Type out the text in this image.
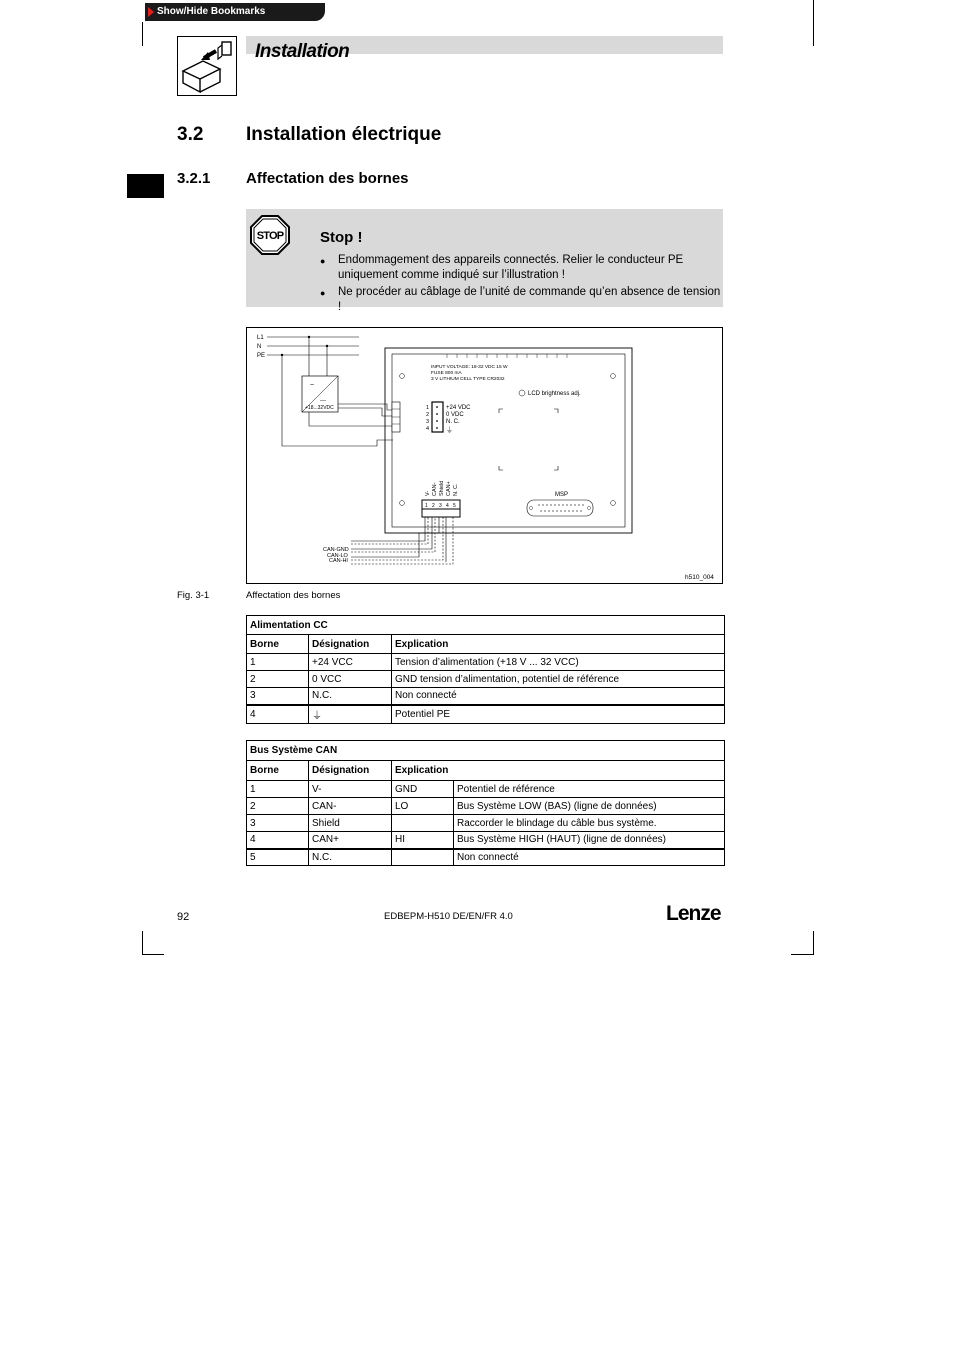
Show/Hide Bookmarks
Installation
3.2 Installation électrique
3.2.1 Affectation des bornes
STOP Stop !
● Endommagement des appareils connectés. Relier le conducteur PE uniquement comme indiqué sur l’illustration !
● Ne procéder au câblage de l’unité de commande qu’en absence de tension !
L1
N
PE
~
---
+18...32VDC
INPUT VOLTAGE: 18-32 VDC 15 W
FUSE 800 mA
3 V LITHIUM CELL TYPE CR2032
LCD brightness adj.
1
2
3
4
+24 VDC
0 VDC
N. C.
⏚
V- CAN- Shield CAN+ N. C.
1 2 3 4 5
MSP
CAN-GND
CAN-LO
CAN-HI
h510_004
Fig. 3-1	Affectation des bornes
Alimentation CC		
Borne	Désignation	Explication
1	+24 VCC	Tension d’alimentation (+18 V ... 32 VCC)
2	0 VCC	GND tension d’alimentation, potentiel de référence
3	N.C.	Non connecté
4	⏚	Potentiel PE
Bus Système CAN			
Borne	Désignation	Explication	
1	V-	GND	Potentiel de référence
2	CAN-	LO	Bus Système LOW (BAS) (ligne de données)
3	Shield		Raccorder le blindage du câble bus système.
4	CAN+	HI	Bus Système HIGH (HAUT) (ligne de données)
5	N.C.		Non connecté
92	EDBEPM-H510 DE/EN/FR 4.0	Lenze
